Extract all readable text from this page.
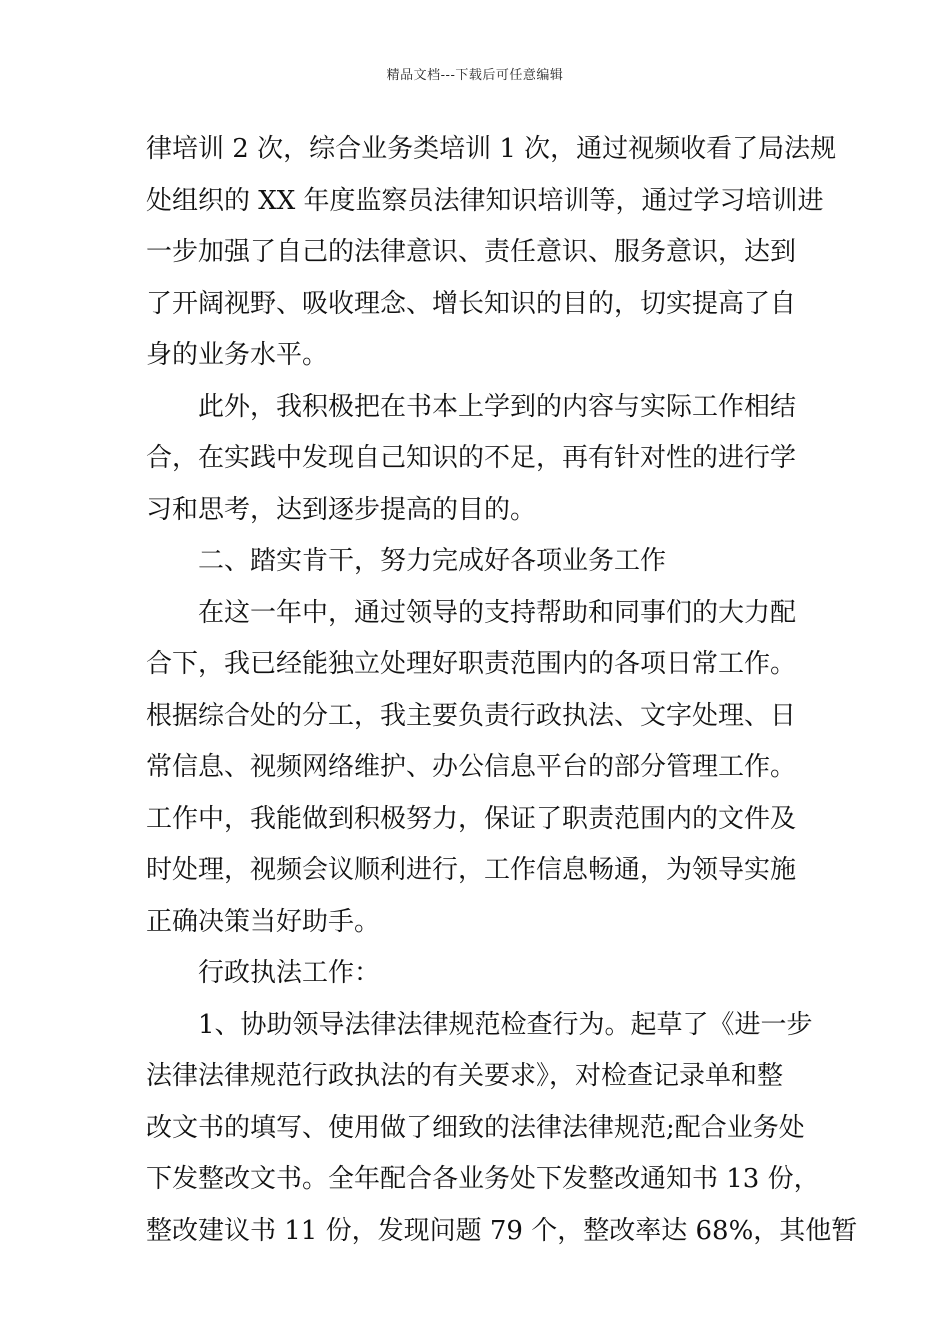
精品文档---下载后可任意编辑
律培训 2 次，综合业务类培训 1 次，通过视频收看了局法规
处组织的 XX 年度监察员法律知识培训等，通过学习培训进
一步加强了自己的法律意识、责任意识、服务意识，达到
了开阔视野、吸收理念、增长知识的目的，切实提高了自
身的业务水平。
此外，我积极把在书本上学到的内容与实际工作相结
合，在实践中发现自己知识的不足，再有针对性的进行学
习和思考，达到逐步提高的目的。
二、踏实肯干，努力完成好各项业务工作
在这一年中，通过领导的支持帮助和同事们的大力配
合下，我已经能独立处理好职责范围内的各项日常工作。
根据综合处的分工，我主要负责行政执法、文字处理、日
常信息、视频网络维护、办公信息平台的部分管理工作。
工作中，我能做到积极努力，保证了职责范围内的文件及
时处理，视频会议顺利进行，工作信息畅通，为领导实施
正确决策当好助手。
行政执法工作：
1、协助领导法律法律规范检查行为。起草了《进一步
法律法律规范行政执法的有关要求》，对检查记录单和整
改文书的填写、使用做了细致的法律法律规范;配合业务处
下发整改文书。全年配合各业务处下发整改通知书 13 份，
整改建议书 11 份，发现问题 79 个，整改率达 68%，其他暂
